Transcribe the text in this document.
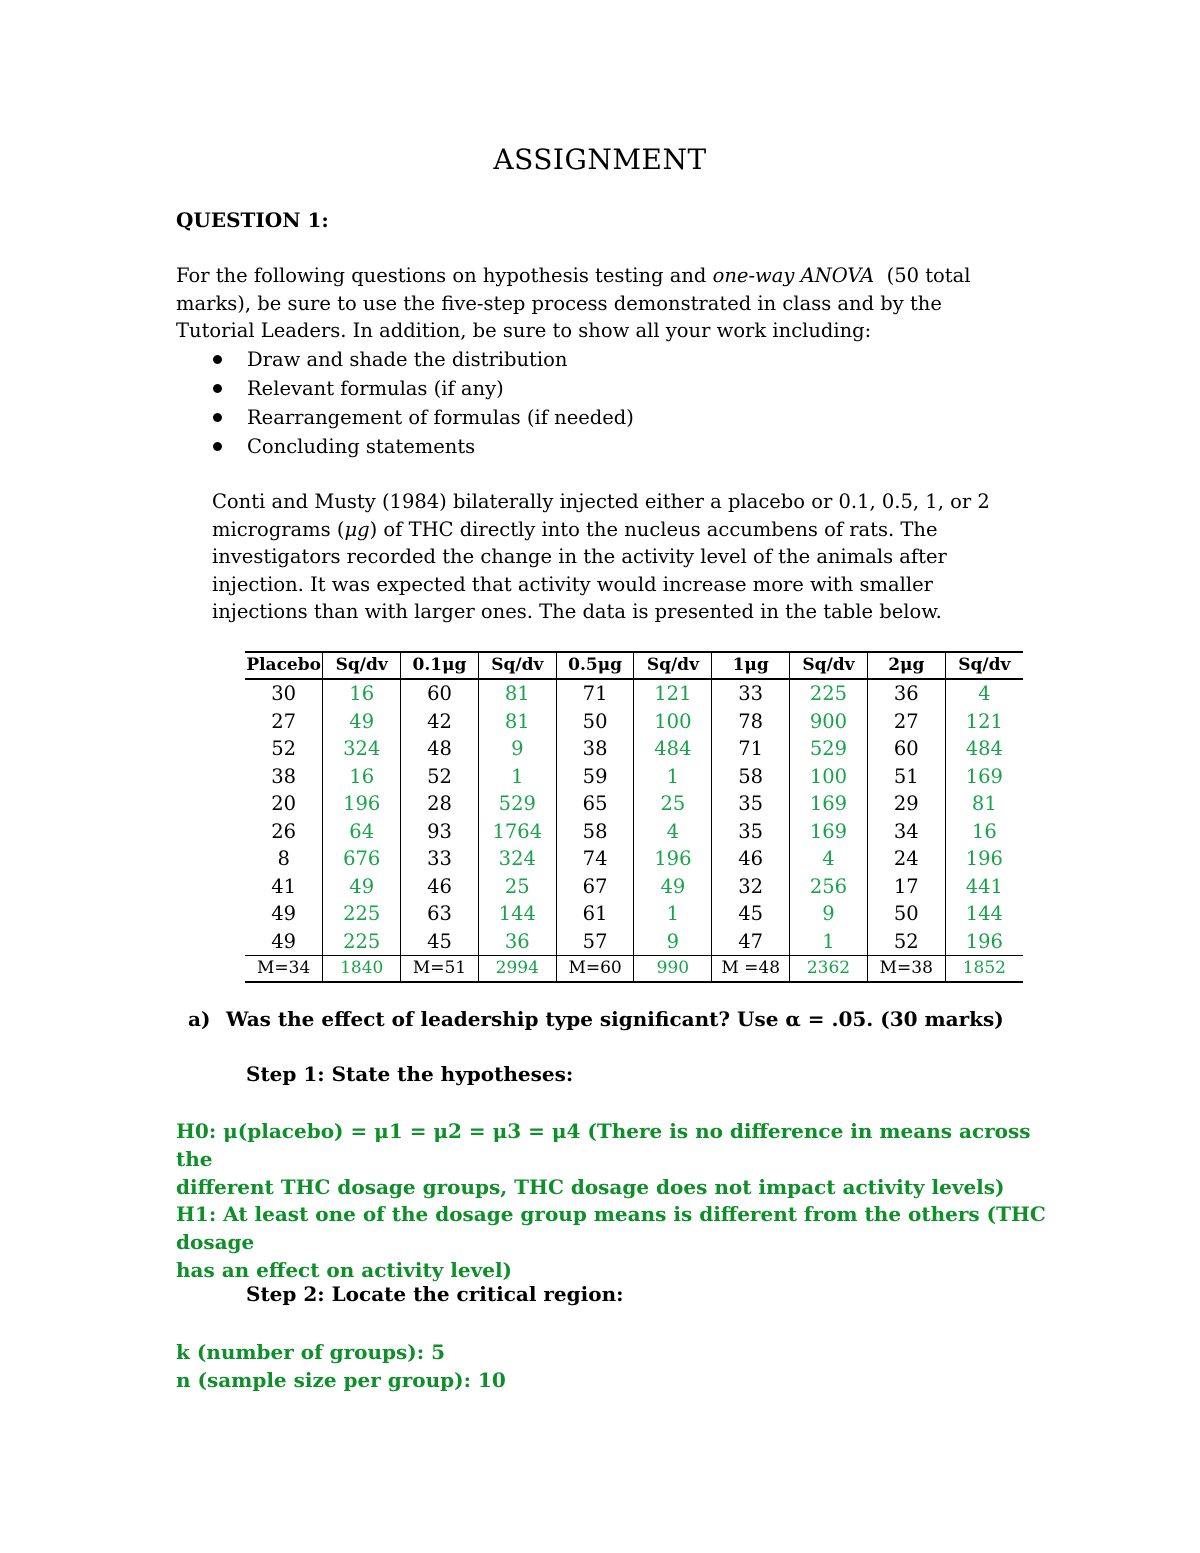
ASSIGNMENT
QUESTION 1:

For the following questions on hypothesis testing and one-way ANOVA  (50 total

marks), be sure to use the five-step process demonstrated in class and by the

Tutorial Leaders. In addition, be sure to show all your work including:

Draw and shade the distribution
Relevant formulas (if any)
Rearrangement of formulas (if needed)
Concluding statements
Conti and Musty (1984) bilaterally injected either a placebo or 0.1, 0.5, 1, or 2
micrograms (μg) of THC directly into the nucleus accumbens of rats. The
investigators recorded the change in the activity level of the animals after
injection. It was expected that activity would increase more with smaller
injections than with larger ones. The data is presented in the table below.
Placebo	Sq/dv	0.1μg	Sq/dv	0.5μg	Sq/dv	1μg	Sq/dv	2μg	Sq/dv
30	16	60	81	71	121	33	225	36	4
27	49	42	81	50	100	78	900	27	121
52	324	48	9	38	484	71	529	60	484
38	16	52	1	59	1	58	100	51	169
20	196	28	529	65	25	35	169	29	81
26	64	93	1764	58	4	35	169	34	16
8	676	33	324	74	196	46	4	24	196
41	49	46	25	67	49	32	256	17	441
49	225	63	144	61	1	45	9	50	144
49	225	45	36	57	9	47	1	52	196
M=34	1840	M=51	2994	M=60	990	M =48	2362	M=38	1852
a) Was the effect of leadership type significant? Use α = .05. (30 marks)
Step 1: State the hypotheses:
H0: μ(placebo) = μ1 = μ2 = μ3 = μ4 (There is no difference in means across the
different THC dosage groups, THC dosage does not impact activity levels)
H1: At least one of the dosage group means is different from the others (THC dosage
has an effect on activity level)
Step 2: Locate the critical region:
k (number of groups): 5
n (sample size per group): 10
